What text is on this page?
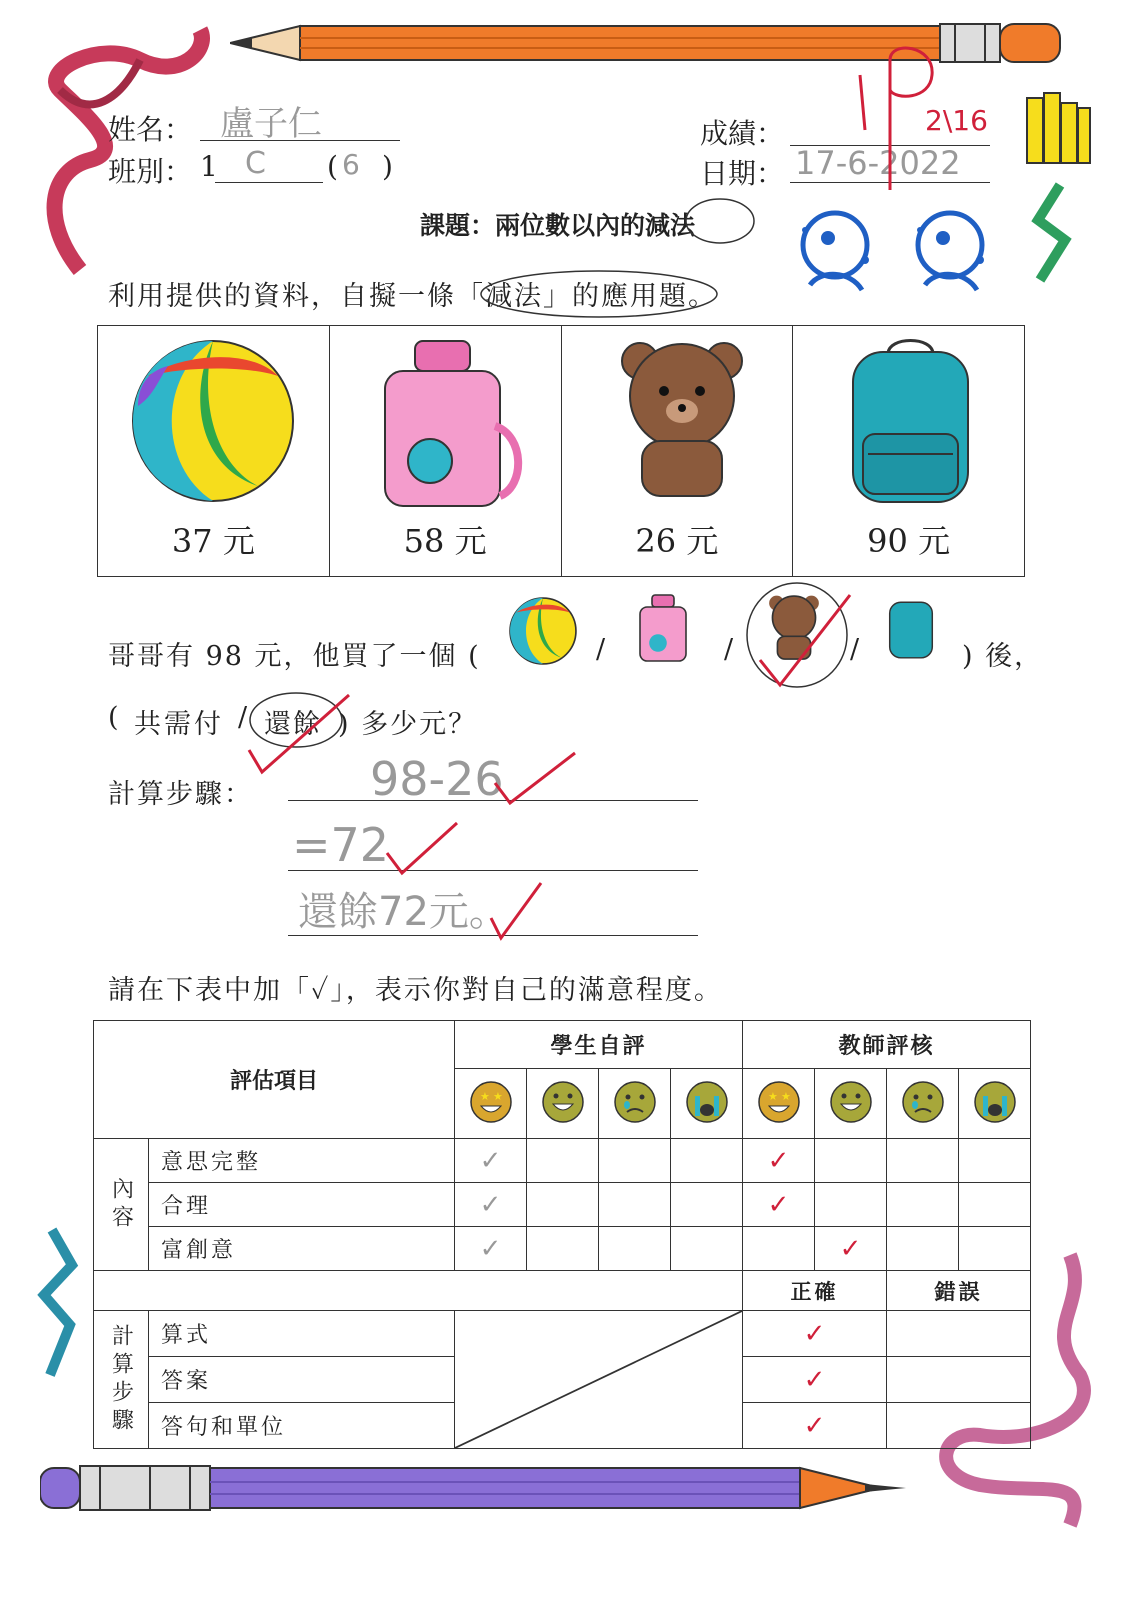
姓名： 盧子仁
班別： 1 C ( 6 )
成績：	2\16
日期： 17-6-2022
課題：兩位數以內的減法
利用提供的資料，自擬一條「減法」的應用題。
37 元	58 元	26 元	90 元
哥哥有 98 元，他買了一個 (	/	/	/	) 後，
( 共需付 / 還餘 ) 多少元？
計算步驟：	98-26
=72
還餘72元。
請在下表中加「✓」，表示你對自己的滿意程度。
評估項目		學生自評				教師評核			

★ ★				★ ★

內容	意思完整	✓				✓			
	合理	✓				✓			
	富創意	✓					✓		
						正確		錯誤	
計算步驟	算式					✓			
	答案					✓			
	答句和單位					✓			
